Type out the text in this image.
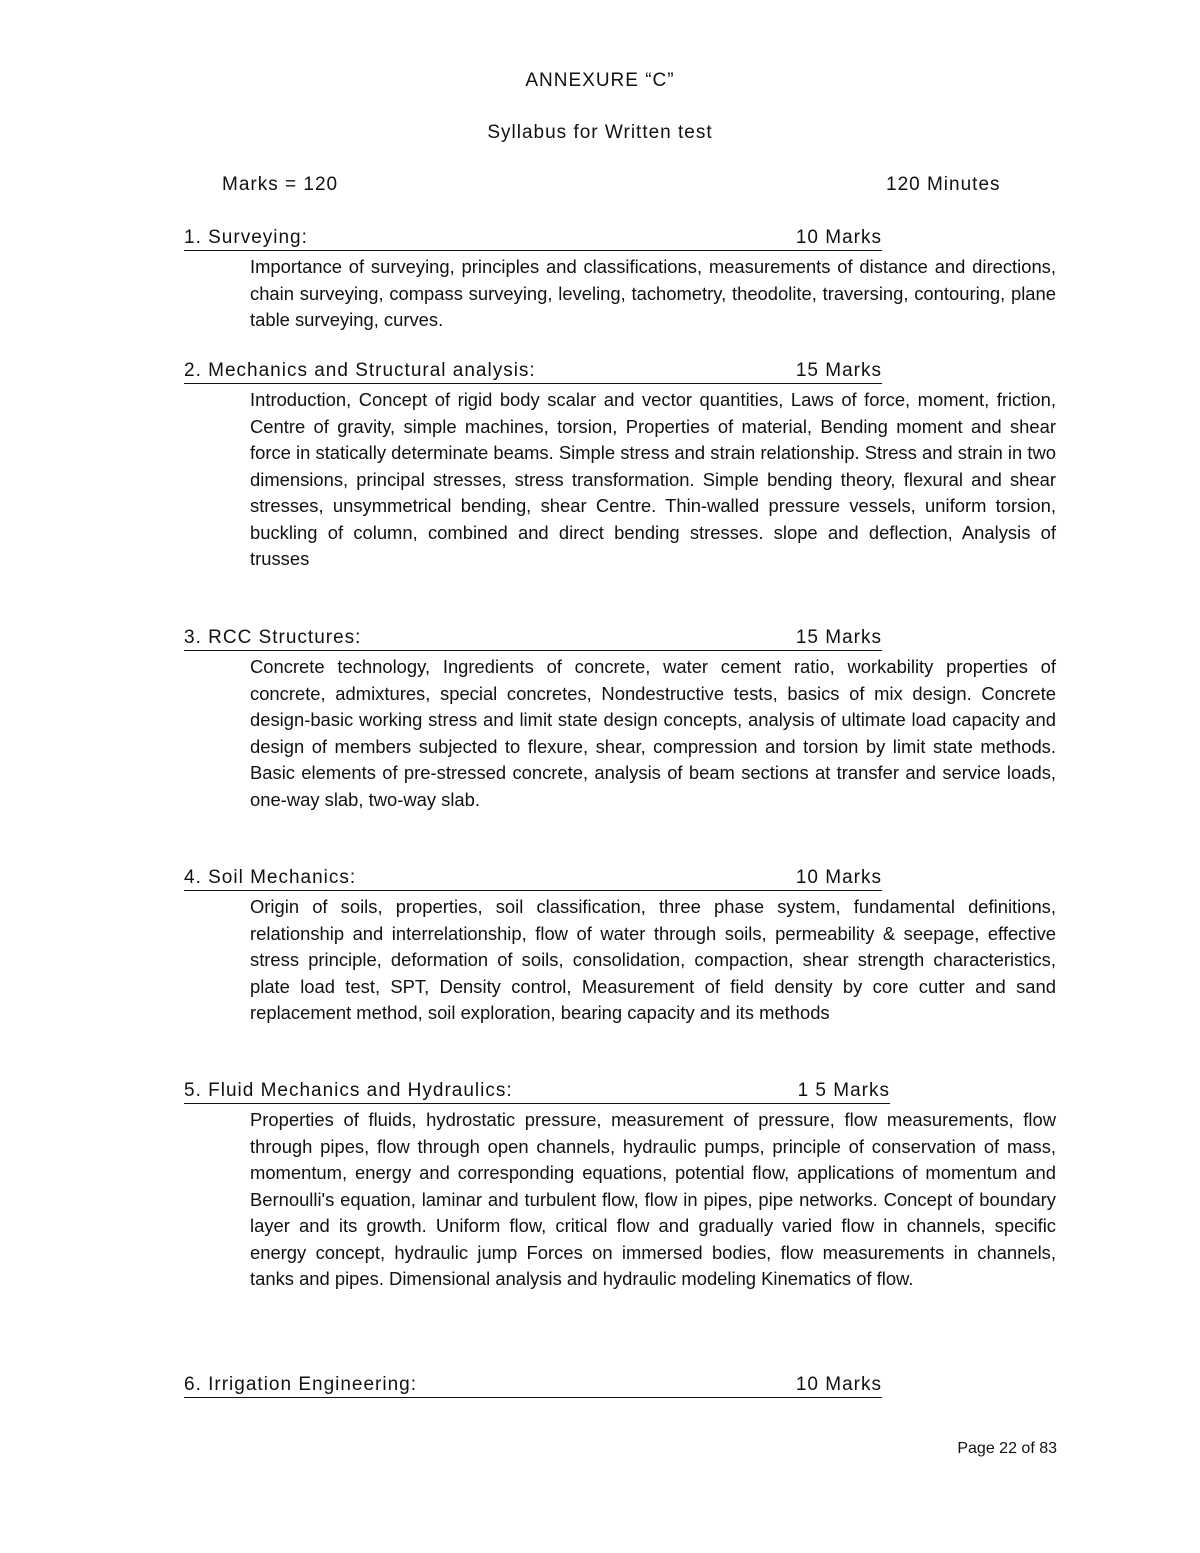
ANNEXURE “C”
Syllabus for Written test
Marks = 120	120 Minutes
1. Surveying:	10 Marks
Importance of surveying, principles and classifications, measurements of distance and directions, chain surveying, compass surveying, leveling, tachometry, theodolite, traversing, contouring, plane table surveying, curves.
2. Mechanics and Structural analysis:	15 Marks
Introduction, Concept of rigid body scalar and vector quantities, Laws of force, moment, friction, Centre of gravity, simple machines, torsion, Properties of material, Bending moment and shear force in statically determinate beams. Simple stress and strain relationship. Stress and strain in two dimensions, principal stresses, stress transformation. Simple bending theory, flexural and shear stresses, unsymmetrical bending, shear Centre. Thin-walled pressure vessels, uniform torsion, buckling of column, combined and direct bending stresses. slope and deflection, Analysis of trusses
3. RCC Structures:	15 Marks
Concrete technology, Ingredients of concrete, water cement ratio, workability properties of concrete, admixtures, special concretes, Nondestructive tests, basics of mix design. Concrete design-basic working stress and limit state design concepts, analysis of ultimate load capacity and design of members subjected to flexure, shear, compression and torsion by limit state methods. Basic elements of pre-stressed concrete, analysis of beam sections at transfer and service loads, one-way slab, two-way slab.
4. Soil Mechanics:	10 Marks
Origin of soils, properties, soil classification, three phase system, fundamental definitions, relationship and interrelationship, flow of water through soils, permeability & seepage, effective stress principle, deformation of soils, consolidation, compaction, shear strength characteristics, plate load test, SPT, Density control, Measurement of field density by core cutter and sand replacement method, soil exploration, bearing capacity and its methods
5. Fluid Mechanics and Hydraulics:	1 5 Marks
Properties of fluids, hydrostatic pressure, measurement of pressure, flow measurements, flow through pipes, flow through open channels, hydraulic pumps, principle of conservation of mass, momentum, energy and corresponding equations, potential flow, applications of momentum and Bernoulli's equation, laminar and turbulent flow, flow in pipes, pipe networks. Concept of boundary layer and its growth. Uniform flow, critical flow and gradually varied flow in channels, specific energy concept, hydraulic jump Forces on immersed bodies, flow measurements in channels, tanks and pipes. Dimensional analysis and hydraulic modeling Kinematics of flow.
6. Irrigation Engineering:	10 Marks
Page 22 of 83
